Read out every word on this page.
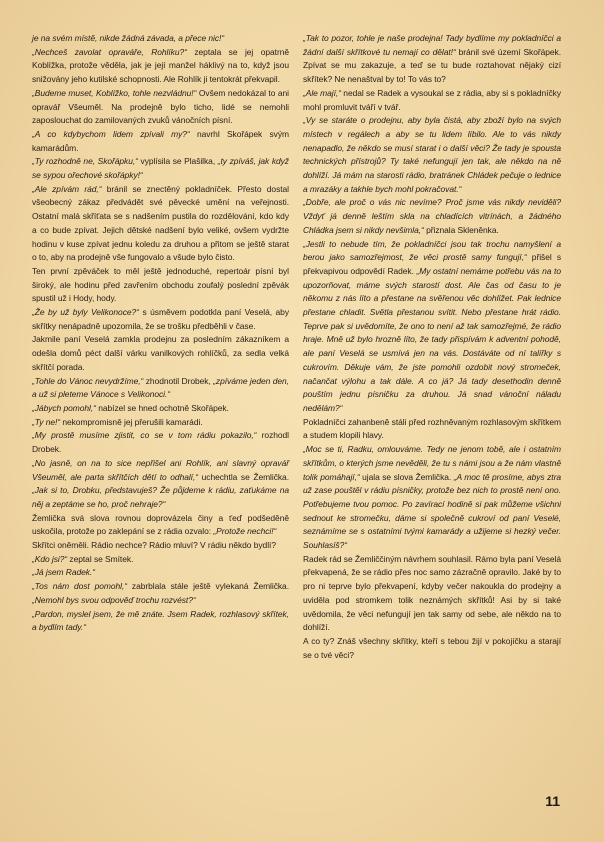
je na svém místě, nikde žádná závada, a přece nic!“

„Nechceš zavolat opraváře, Rohlíku?“ zeptala se jej opatrně Koblížka, protože věděla, jak je její manžel háklivý na to, když jsou snižovány jeho kutilské schopnosti. Ale Rohlík ji tentokrát překvapil.

„Budeme muset, Koblížko, tohle nezvládnu!“ Ovšem nedokázal to ani opravář Všeuměl. Na prodejně bylo ticho, lidé se nemohli zaposlouchat do zamilovaných zvuků vánočních písní.

„A co kdybychom lidem zpívali my?“ navrhl Skořápek svým kamarádům.

„Ty rozhodně ne, Skořápku,“ vyplísila se Plašilka, „ty zpíváš, jak když se sypou ořechové skořápky!“

„Ale zpívám rád,“ bránil se znectěný pokladníček. Přesto dostal všeobecný zákaz předvádět své pěvecké umění na veřejnosti. Ostatní malá skříťata se s nadšením pustila do rozdělování, kdo kdy a co bude zpívat. Jejich dětské nadšení bylo veliké, ovšem vydržte hodinu v kuse zpívat jednu koledu za druhou a přitom se ještě starat o to, aby na prodejně vše fungovalo a všude bylo čisto.

Ten první zpěváček to měl ještě jednoduché, repertoár písní byl široký, ale hodinu před zavřením obchodu zoufalý poslední zpěvák spustil už i Hody, hody.

„Že by už byly Velikonoce?“ s úsměvem podotkla paní Veselá, aby skřítky nenápadně upozornila, že se trošku předběhli v čase.

Jakmile paní Veselá zamkla prodejnu za posledním zákazníkem a odešla domů péct další várku vanilkových rohlíčků, za sedla velká skřítčí porada.

„Tohle do Vánoc nevydržíme,“ zhodnotil Drobek, „zpíváme jeden den, a už si pleteme Vánoce s Velikonoci.“

„Jábych pomohl,“ nabízel se hned ochotně Skořápek.

„Ty ne!“ nekompromisně jej přerušili kamarádi.

„My prostě musíme zjistit, co se v tom rádiu pokazilo,“ rozhodl Drobek.

„No jasně, on na to sice nepřišel ani Rohlík, ani slavný opravář Všeuměl, ale parta skřítčích dětí to odhalí,“ uchechtla se Žemlička. „Jak si to, Drobku, představuješ? Že půjdeme k rádiu, zaťukáme na něj a zeptáme se ho, proč nehraje?“

Žemlička svá slova rovnou doprovázela činy a ťeď podšeděně uskočila, protože po zaklepání se z rádia ozvalo: „Protože nechci!“

Skřítci oněměli. Rádio nechce? Rádio mluví? V rádiu někdo bydlí?

„Kdo jsi?“ zeptal se Smítek.

„Já jsem Radek.“

„Tos nám dost pomohl,“ zabrblala stále ještě vylekaná Žemlička. „Nemohl bys svou odpověď trochu rozvést?“

„Pardon, myslel jsem, že mě znáte. Jsem Radek, rozhlasový skřítek, a bydlím tady.“

„Tak to pozor, tohle je naše prodejna! Tady bydlíme my pokladníčci a žádní další skřítkové tu nemají co dělat!“ bránil své území Skořápek. Zpívat se mu zakazuje, a teď se tu bude roztahovat nějaký cizí skřítek? Ne nenaštval by to! To vás to?

„Ale mají,“ nedal se Radek a vysoukal se z rádia, aby si s pokladníčky mohl promluvit tváří v tvář.

„Vy se staráte o prodejnu, aby byla čistá, aby zboží bylo na svých místech v regálech a aby se tu lidem líbilo. Ale to vás nikdy nenapadlo, že někdo se musí starat i o další věci? Že tady je spousta technických přístrojů? Ty také nefungují jen tak, ale někdo na ně dohlíží. Já mám na starosti rádio, bratránek Chládek pečuje o lednice a mrazáky a takhle bych mohl pokračovat.“

„Dobře, ale proč o vás nic nevíme? Proč jsme vás nikdy neviděli? Vždyť já denně leštím skla na chladících vitrínách, a žádného Chládka jsem si nikdy nevšimla,“ přiznala Skleněnka.

„Jestli to nebude tím, že pokladníčci jsou tak trochu namyšlení a berou jako samozřejmost, že věci prostě samy fungují,“ přišel s překvapivou odpovědí Radek. „My ostatní nemáme potřebu vás na to upozorňovat, máme svých starostí dost. Ale čas od času to je někomu z nás líto a přestane na svěřenou věc dohlížet. Pak lednice přestane chladit. Světla přestanou svítit. Nebo přestane hrát rádio. Teprve pak si uvědomíte, že ono to není až tak samozřejmé, že rádio hraje. Mně už bylo hrozně líto, že tady přispívám k adventní pohodě, ale paní Veselá se usmívá jen na vás. Dostáváte od ní talířky s cukrovím. Děkuje vám, že jste pomohli ozdobit nový stromeček, načančat výlohu a tak dále. A co já? Já tady desethodin denně pouštím jednu písničku za druhou. Já snad vánoční náladu nedělám?“

Pokladníčci zahanbeně stáli před rozhněvaným rozhlasovým skřítkem a studem klopili hlavy.

„Moc se ti, Radku, omlouváme. Tedy ne jenom tobě, ale i ostatním skřítkům, o kterých jsme nevěděli, že tu s námi jsou a že nám vlastně tolik pomáhají,“ ujala se slova Žemlička. „A moc tě prosíme, abys ztra už zase pouštěl v rádiu písničky, protože bez nich to prostě není ono. Potřebujeme tvou pomoc. Po zavírací hodině si pak můžeme všichni sednout ke stromečku, dáme si společně cukroví od paní Veselé, seznámíme se s ostatními tvými kamarády a užijeme si hezký večer. Souhlasíš?“

Radek rád se Žemliččiným návrhem souhlasil. Rámo byla paní Veselá překvapená, že se rádio přes noc samo zázračně opravilo. Jaké by to pro ni teprve bylo překvapení, kdyby večer nakoukla do prodejny a uviděla pod stromkem tolik neznámých skřítků! Asi by si také uvědomila, že věci nefungují jen tak samy od sebe, ale někdo na to dohlíží.

A co ty? Znáš všechny skřítky, kteří s tebou žijí v pokojíčku a starají se o tvé věci?

11
